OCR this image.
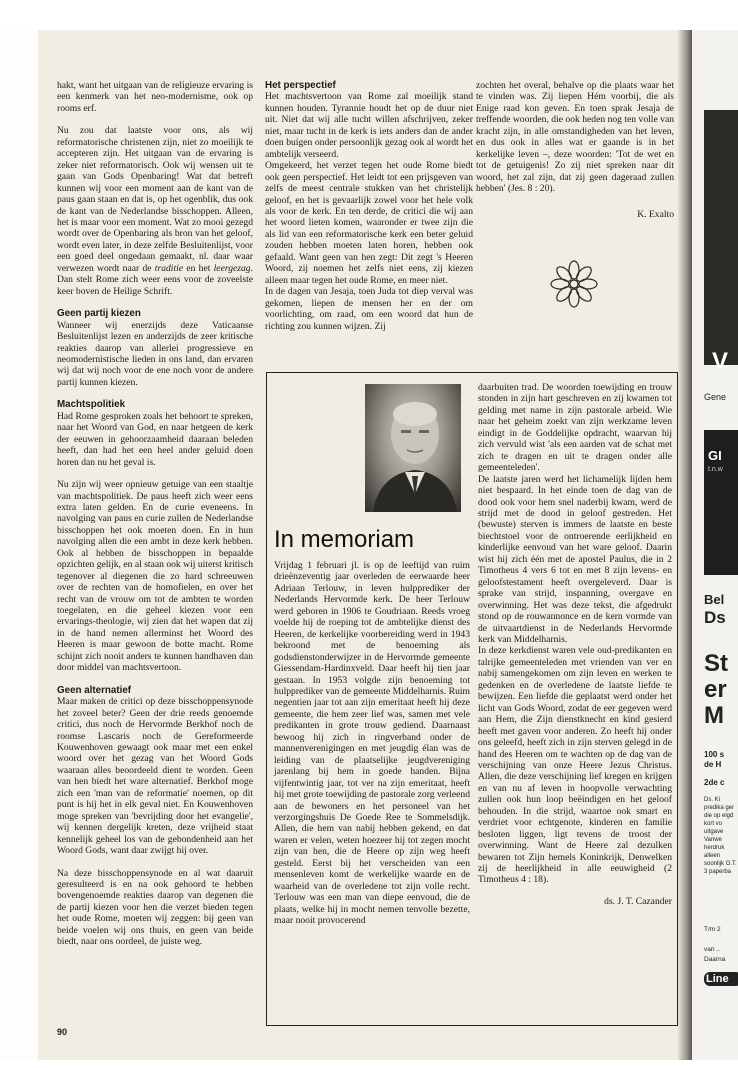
hakt, want het uitgaan van de religieuze ervaring is een kenmerk van het neo-modernisme, ook op rooms erf.

Nu zou dat laatste voor ons, als wij reformatorische christenen zijn, niet zo moeilijk te accepteren zijn. Het uitgaan van de ervaring is zeker niet reformatorisch. Ook wij wensen uit te gaan van Gods Openbaring! Wat dat betreft kunnen wij voor een moment aan de kant van de paus gaan staan en dat is, op het ogenblik, dus ook de kant van de Nederlandse bisschoppen. Alleen, het is maar voor een moment. Wat zo mooi gezegd wordt over de Openbaring als bron van het geloof, wordt even later, in deze zelfde Besluitenlijst, voor een goed deel ongedaan gemaakt, nl. daar waar verwezen wordt naar de traditie en het leergezag. Dan stelt Rome zich weer eens voor de zoveelste keer boven de Heilige Schrift.

Geen partij kiezen

Wanneer wij enerzijds deze Vaticaanse Besluitenlijst lezen en anderzijds de zeer kritische reakties daarop van allerlei progressieve en neomodernistische lieden in ons land, dan ervaren wij dat wij noch voor de ene noch voor de andere partij kunnen kiezen.

Machtspolitiek

Had Rome gesproken zoals het behoort te spreken, naar het Woord van God, en naar hetgeen de kerk der eeuwen in gehoorzaamheid daaraan beleden heeft, dan had het een heel ander geluid doen horen dan nu het geval is.

Nu zijn wij weer opnieuw getuige van een staaltje van machtspolitiek. De paus heeft zich weer eens extra laten gelden. En de curie eveneens. In navolging van paus en curie zullen de Nederlandse bisschoppen het ook moeten doen. En in hun navolging allen die een ambt in deze kerk hebben. Ook al hebben de bisschoppen in bepaalde opzichten gelijk, en al staan ook wij uiterst kritisch tegenover al diegenen die zo hard schreeuwen over de rechten van de homofielen, en over het recht van de vrouw om tot de ambten te worden toegelaten, en die geheel kiezen voor een ervarings-theologie, wij zien dat het wapen dat zij in de hand nemen allerminst het Woord des Heeren is maar gewoon de botte macht. Rome schijnt zich nooit anders te kunnen handhaven dan door middel van machtsvertoon.

Geen alternatief

Maar maken de critici op deze bisschoppensynode het zoveel beter? Geen der drie reeds genoemde critici, dus noch de Hervormde Berkhof noch de roomse Lascaris noch de Gereformeerde Kouwenhoven gewaagt ook maar met een enkel woord over het gezag van het Woord Gods waaraan alles beoordeeld dient te worden. Geen van hen biedt het ware alternatief. Berkhof moge zich een 'man van de reformatie' noemen, op dit punt is hij het in elk geval niet. En Kouwenhoven moge spreken van 'bevrijding door het evangelie', wij kennen dergelijk kreten, deze vrijheid staat kennelijk geheel los van de gebondenheid aan het Woord Gods, want daar zwijgt hij over.

Na deze bisschoppensynode en al wat daaruit geresulteerd is en na ook gehoord te hebben bovengenoemde reakties daarop van degenen die de partij kiezen voor hen die verzet bieden tegen het oude Rome, moeten wij zeggen: bij geen van beide voelen wij ons thuis, en geen van beide biedt, naar ons oordeel, de juiste weg.

Het perspectief

Het machtsvertoon van Rome zal moeilijk stand kunnen houden. Tyrannie houdt het op de duur niet uit. Niet dat wij alle tucht willen afschrijven, zeker niet, maar tucht in de kerk is iets anders dan de ander doen buigen onder persoonlijk gezag ook al wordt het ambtelijk verseerd.

Omgekeerd, het verzet tegen het oude Rome biedt ook geen perspectief. Het leidt tot een prijsgeven van zelfs de meest centrale stukken van het christelijk geloof, en het is gevaarlijk zowel voor het hele volk als voor de kerk. En ten derde, de critici die wij aan het woord lieten komen, waaronder er twee zijn die als lid van een reformatorische kerk een beter geluid zouden hebben moeten laten horen, hebben ook gefaald. Want geen van hen zegt: Dit zegt 's Heeren Woord, zij noemen het zelfs niet eens, zij kiezen alleen maar tegen het oude Rome, en meer niet.

In de dagen van Jesaja, toen Juda tot diep verval was gekomen, liepen de mensen her en der om voorlichting, om raad, om een woord dat hun de richting zou kunnen wijzen. Zij

zochten het overal, behalve op die plaats waar het te vinden was. Zij liepen Hém voorbij, die als Enige raad kon geven. En toen sprak Jesaja de treffende woorden, die ook heden nog ten volle van kracht zijn, in alle omstandigheden van het leven, en dus ook in alles wat er gaande is in het kerkelijke leven –, deze woorden: 'Tot de wet en tot de getuigenis! Zo zij niet spreken naar dit woord, het zal zijn, dat zij geen dageraad zullen hebben' (Jes. 8 : 20).

K. Exalto
In memoriam

Vrijdag 1 februari jl. is op de leeftijd van ruim drieënzeventig jaar overleden de eerwaarde heer Adriaan Terlouw, in leven hulpprediker der Nederlands Hervormde kerk. De heer Terlouw werd geboren in 1906 te Goudriaan. Reeds vroeg voelde hij de roeping tot de ambtelijke dienst des Heeren, de kerkelijke voorbereiding werd in 1943 bekroond met de benoeming als godsdienstonderwijzer in de Hervormde gemeente Giessendam-Hardinxveld. Daar heeft hij tien jaar gestaan. In 1953 volgde zijn benoeming tot hulpprediker van de gemeente Middelharnis. Ruim negentien jaar tot aan zijn emeritaat heeft hij deze gemeente, die hem zeer lief was, samen met vele predikanten in grote trouw gediend. Daarnaast bewoog hij zich in ringverband onder de mannenverenigingen en met jeugdig élan was de leiding van de plaatselijke jeugdvereniging jarenlang bij hem in goede handen. Bijna vijfentwintig jaar, tot ver na zijn emeritaat, heeft hij met grote toewijding de pastorale zorg verleend aan de bewoners en het personeel van het verzorgingshuis De Goede Ree te Sommelsdijk. Allen, die hem van nabij hebben gekend, en dat waren er velen, weten hoezeer hij tot zegen mocht zijn van hen, die de Heere op zijn weg heeft gesteld. Eerst bij het verscheiden van een mensenleven komt de werkelijke waarde en de waarheid van de overledene tot zijn volle recht. Terlouw was een man van diepe eenvoud, die de plaats, welke hij in mocht nemen tenvolle bezette, maar nooit provocerend

daarbuiten trad. De woorden toewijding en trouw stonden in zijn hart geschreven en zij kwamen tot gelding met name in zijn pastorale arbeid. Wie naar het geheim zoekt van zijn werkzame leven eindigt in de Goddelijke opdracht, waarvan hij zich vervuld wist 'als een aarden vat de schat met zich te dragen en uit te dragen onder alle gemeenteleden'.

De laatste jaren werd het lichamelijk lijden hem niet bespaard. In het einde toen de dag van de dood ook voor hem snel naderbij kwam, werd de strijd met de dood in geloof gestreden. Het (bewuste) sterven is immers de laatste en beste biechtstoel voor de ontroerende eerlijkheid en kinderlijke eenvoud van het ware geloof. Daarin wist hij zich één met de apostel Paulus, die in 2 Timotheus 4 vers 6 tot en met 8 zijn levens- en geloofstestament heeft overgeleverd. Daar is sprake van strijd, inspanning, overgave en overwinning. Het was deze tekst, die afgedrukt stond op de rouwannonce en de kern vormde van de uitvaartdienst in de Nederlands Hervormde kerk van Middelharnis.

In deze kerkdienst waren vele oud-predikanten en talrijke gemeenteleden met vrienden van ver en nabij samengekomen om zijn leven en werken te gedenken en de overledene de laatste liefde te bewijzen. Een liefde die geplaatst werd onder het licht van Gods Woord, zodat de eer gegeven werd aan Hem, die Zijn dienstknecht en kind gesierd heeft met gaven voor anderen. Zo heeft hij onder ons geleefd, heeft zich in zijn sterven gelegd in de hand des Heeren om te wachten op de dag van de verschijning van onze Heere Jezus Christus. Allen, die deze verschijning lief kregen en krijgen en van nu af leven in hoopvolle verwachting zullen ook hun loop beëindigen en het geloof behouden. In die strijd, waartoe ook smart en verdriet voor echtgenote, kinderen en familie besloten liggen, ligt tevens de troost der overwinning. Want de Heere zal dezulken bewaren tot Zijn hemels Koninkrijk, Denwelken zij de heerlijkheid in alle eeuwigheid (2 Timotheus 4 : 18).

ds. J. T. Cazander
90
V
Gene
GI
t.n.w
Bel
Ds
St
er
M
100 s
de H
2de c
Ds. Ki predika ger die op elgd kort vo uitgave Vanwe herdruk alleen soonlijk O.T. 3 paperba
T/m 2
van ..
Daarna
Line
